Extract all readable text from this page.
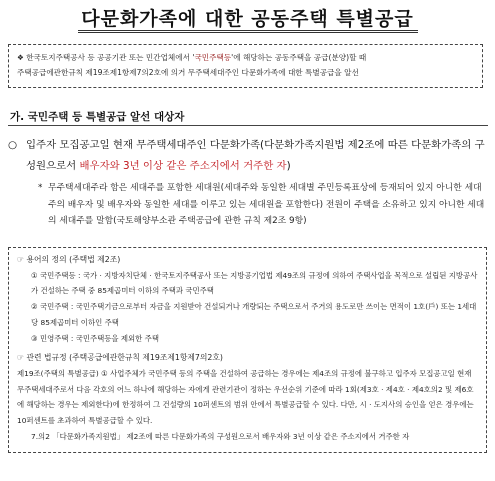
다문화가족에 대한 공동주택 특별공급
❖ 한국토지주택공사 등 공공기관 또는 민간업체에서 '국민주택등'에 해당하는 공동주택을 공급(분양)할 때
주택공급에관한규칙 제19조제1항제7의2호에 의거 무주택세대주인 다문화가족에 대한 특별공급을 알선
가. 국민주택 등 특별공급 알선 대상자
○ 입주자 모집공고일 현재 무주택세대주인 다문화가족(다문화가족지원법 제2조에 따른 다문화가족의 구성원으로서 배우자와 3년 이상 같은 주소지에서 거주한 자)
* 무주택세대주라 함은 세대주를 포함한 세대원(세대주와 동일한 세대별 주민등록표상에 등재되어 있지 아니한 세대주의 배우자 및 배우자와 동일한 세대를 이루고 있는 세대원을 포함한다) 전원이 주택을 소유하고 있지 아니한 세대의 세대주를 말함(국토해양부소관 주택공급에 관한 규칙 제2조 9항)
☞ 용어의 정의 (주택법 제2조)
① 국민주택등 : 국가 · 지방자치단체 · 한국토지주택공사 또는 지방공기업법 제49조의 규정에 의하여 주택사업을 목적으로 설립된 지방공사가 건설하는 주택 중 85제곱미터 이하의 주택과 국민주택
② 국민주택 : 국민주택기금으로부터 자금을 지원받아 건설되거나 개량되는 주택으로서 주거의 용도로만 쓰이는 면적이 1호(戶) 또는 1세대당 85제곱미터 이하인 주택
③ 민영주택 : 국민주택등을 제외한 주택
☞ 관련 법규정 (주택공급에관한규칙 제19조제1항제7의2호)
제19조(주택의 특별공급) ① 사업주체가 국민주택 등의 주택을 건설하여 공급하는 경우에는 제4조의 규정에 불구하고 입주자 모집공고일 현재 무주택세대주로서 다음 각호의 어느 하나에 해당하는 자에게 관련기관이 정하는 우선순위 기준에 따라 1회(제3호 · 제4호 · 제4호의2 및 제6호에 해당하는 경우는 제외한다)에 한정하여 그 건설량의 10퍼센트의 범위 안에서 특별공급할 수 있다. 다만, 시 · 도지사의 승인을 얻은 경우에는 10퍼센트를 초과하여 특별공급할 수 있다.
7.의2 「다문화가족지원법」 제2조에 따른 다문화가족의 구성원으로서 배우자와 3년 이상 같은 주소지에서 거주한 자
